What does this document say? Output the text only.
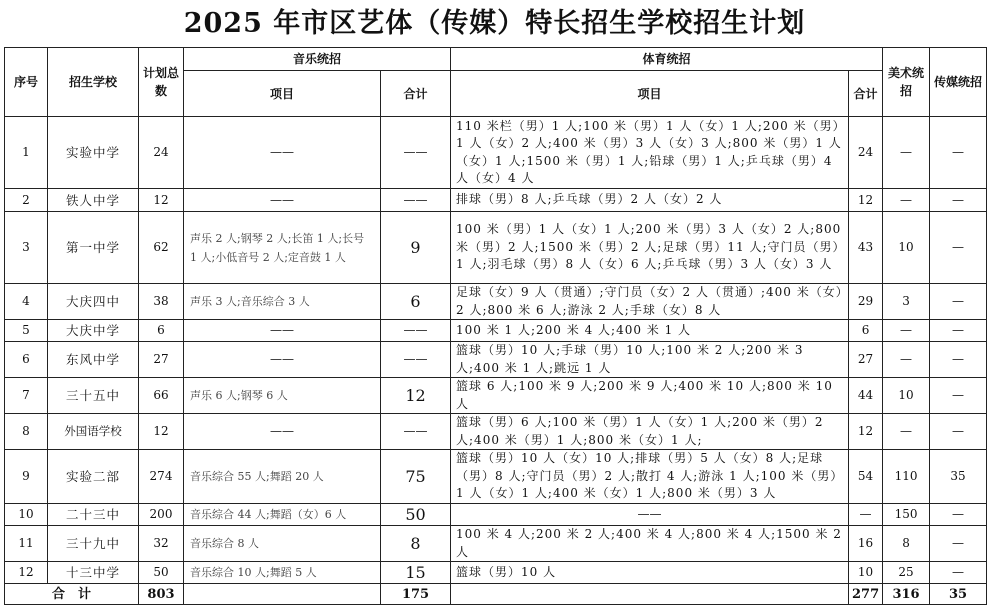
2025 年市区艺体（传媒）特长招生学校招生计划
序号	招生学校	计划总数	音乐统招		体育统招		美术统招	传媒统招
			项目	合计	项目	合计		
1	实验中学	24	——	——	110 米栏（男）1 人;100 米（男）1 人（女）1 人;200 米（男）1 人（女）2 人;400 米（男）3 人（女）3 人;800 米（男）1 人（女）1 人;1500 米（男）1 人;铅球（男）1 人;乒乓球（男）4 人（女）4 人	24	—	—
2	铁人中学	12	——	——	排球（男）8 人;乒乓球（男）2 人（女）2 人	12	—	—
3	第一中学	62	声乐 2 人;钢琴 2 人;长笛 1 人;长号 1 人;小低音号 2 人;定音鼓 1 人	9	100 米（男）1 人（女）1 人;200 米（男）3 人（女）2 人;800 米（男）2 人;1500 米（男）2 人;足球（男）11 人;守门员（男）1 人;羽毛球（男）8 人（女）6 人;乒乓球（男）3 人（女）3 人	43	10	—
4	大庆四中	38	声乐 3 人;音乐综合 3 人	6	足球（女）9 人（贯通）;守门员（女）2 人（贯通）;400 米（女）2 人;800 米 6 人;游泳 2 人;手球（女）8 人	29	3	—
5	大庆中学	6	——	——	100 米 1 人;200 米 4 人;400 米 1 人	6	—	—
6	东风中学	27	——	——	篮球（男）10 人;手球（男）10 人;100 米 2 人;200 米 3 人;400 米 1 人;跳远 1 人	27	—	—
7	三十五中	66	声乐 6 人;钢琴 6 人	12	篮球 6 人;100 米 9 人;200 米 9 人;400 米 10 人;800 米 10 人	44	10	—
8	外国语学校	12	——	——	篮球（男）6 人;100 米（男）1 人（女）1 人;200 米（男）2 人;400 米（男）1 人;800 米（女）1 人;	12	—	—
9	实验二部	274	音乐综合 55 人;舞蹈 20 人	75	篮球（男）10 人（女）10 人;排球（男）5 人（女）8 人;足球（男）8 人;守门员（男）2 人;散打 4 人;游泳 1 人;100 米（男）1 人（女）1 人;400 米（女）1 人;800 米（男）3 人	54	110	35
10	二十三中	200	音乐综合 44 人;舞蹈（女）6 人	50	——	—	150	—
11	三十九中	32	音乐综合 8 人	8	100 米 4 人;200 米 2 人;400 米 4 人;800 米 4 人;1500 米 2 人	16	8	—
12	十三中学	50	音乐综合 10 人;舞蹈 5 人	15	篮球（男）10 人	10	25	—
合　计		803		175		277	316	35
